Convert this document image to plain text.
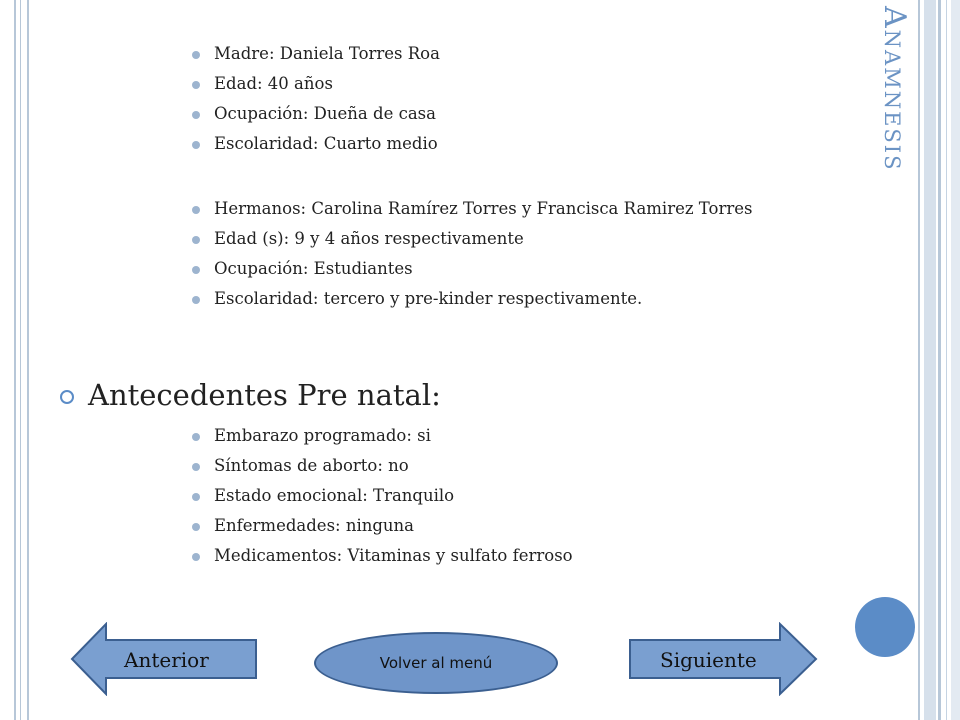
Anamnesis
Madre: Daniela Torres Roa
Edad: 40 años
Ocupación: Dueña de casa
Escolaridad: Cuarto medio
Hermanos: Carolina Ramírez Torres y Francisca Ramirez Torres
Edad (s): 9 y 4 años respectivamente
Ocupación: Estudiantes
Escolaridad: tercero y pre-kinder respectivamente.
Antecedentes Pre natal:
Embarazo programado: si
Síntomas de aborto: no
Estado emocional: Tranquilo
Enfermedades: ninguna
Medicamentos: Vitaminas y sulfato ferroso
Anterior	Volver al menú	Siguiente
